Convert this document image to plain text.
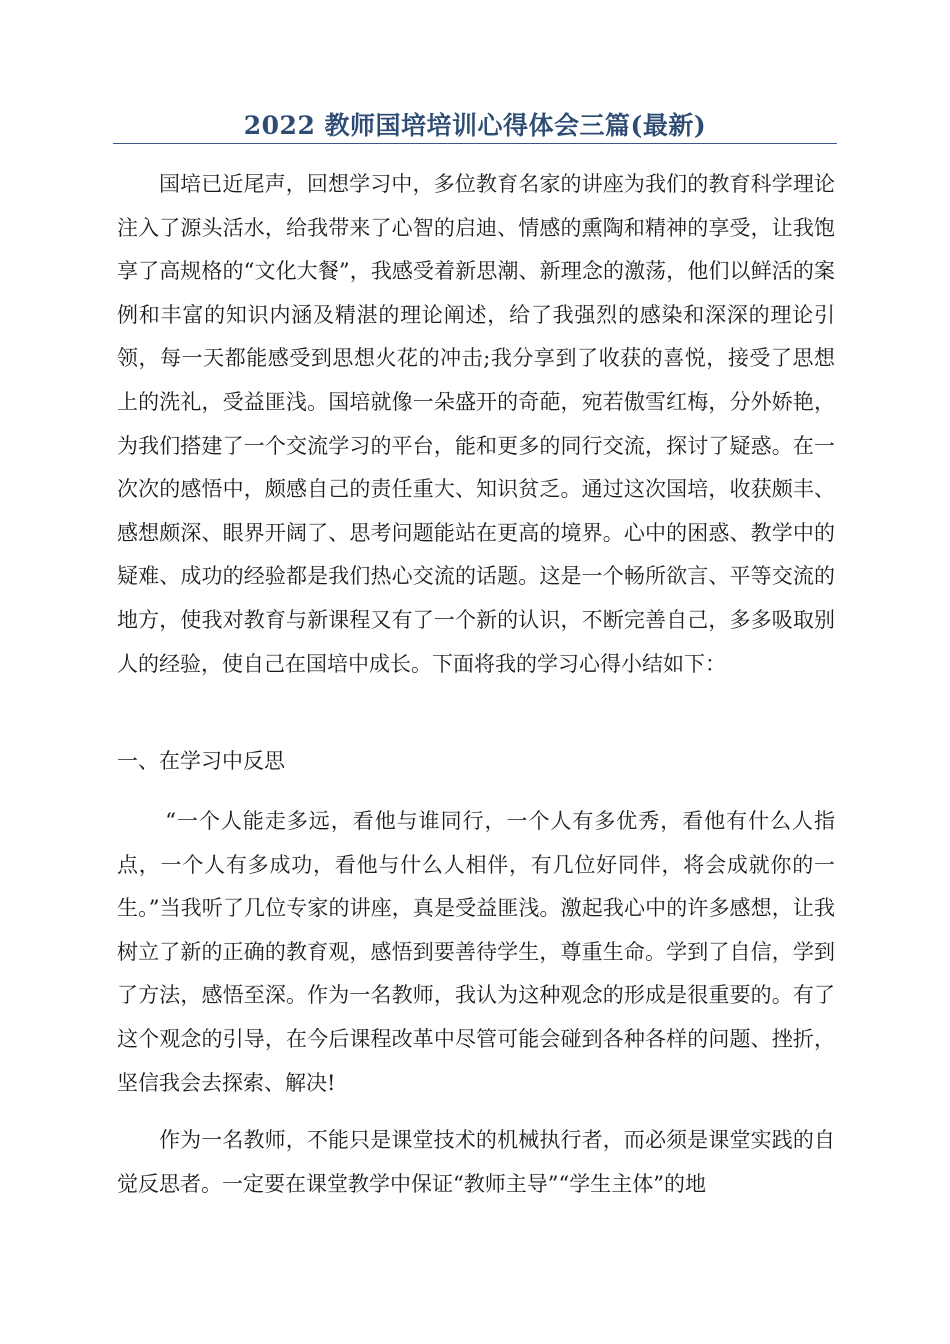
2022 教师国培培训心得体会三篇(最新)

国培已近尾声，回想学习中，多位教育名家的讲座为我们的教育科学理论注入了源头活水，给我带来了心智的启迪、情感的熏陶和精神的享受，让我饱享了高规格的“文化大餐”，我感受着新思潮、新理念的激荡，他们以鲜活的案例和丰富的知识内涵及精湛的理论阐述，给了我强烈的感染和深深的理论引领，每一天都能感受到思想火花的冲击;我分享到了收获的喜悦，接受了思想上的洗礼，受益匪浅。国培就像一朵盛开的奇葩，宛若傲雪红梅，分外娇艳，为我们搭建了一个交流学习的平台，能和更多的同行交流，探讨了疑惑。在一次次的感悟中，颇感自己的责任重大、知识贫乏。通过这次国培，收获颇丰、感想颇深、眼界开阔了、思考问题能站在更高的境界。心中的困惑、教学中的疑难、成功的经验都是我们热心交流的话题。这是一个畅所欲言、平等交流的地方，使我对教育与新课程又有了一个新的认识，不断完善自己，多多吸取别人的经验，使自己在国培中成长。下面将我的学习心得小结如下：

一、在学习中反思

“一个人能走多远，看他与谁同行，一个人有多优秀，看他有什么人指点，一个人有多成功，看他与什么人相伴，有几位好同伴，将会成就你的一生。”当我听了几位专家的讲座，真是受益匪浅。激起我心中的许多感想，让我树立了新的正确的教育观，感悟到要善待学生，尊重生命。学到了自信，学到了方法，感悟至深。作为一名教师，我认为这种观念的形成是很重要的。有了这个观念的引导，在今后课程改革中尽管可能会碰到各种各样的问题、挫折，坚信我会去探索、解决!

作为一名教师，不能只是课堂技术的机械执行者，而必须是课堂实践的自觉反思者。一定要在课堂教学中保证“教师主导”“学生主体”的地
